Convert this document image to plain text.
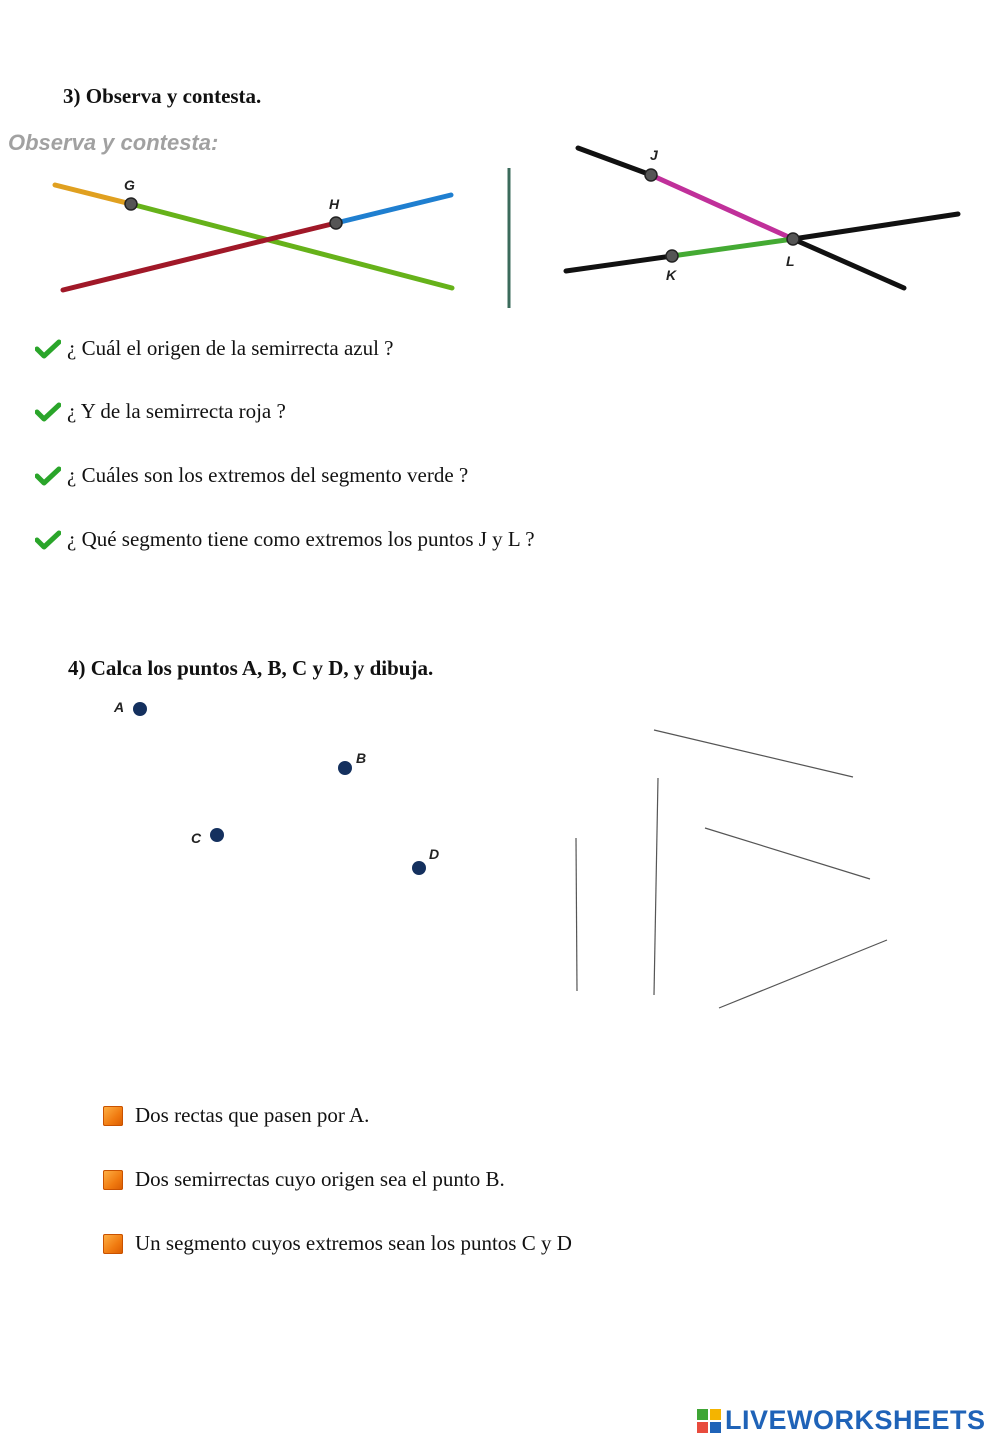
3) Observa y contesta.
Observa y contesta:
G
H
J
K
L
¿ Cuál el origen de la semirrecta azul ?
¿ Y de la semirrecta roja ?
¿ Cuáles son los extremos del segmento verde ?
¿ Qué segmento tiene como extremos los puntos J y L ?
4) Calca los puntos A, B, C y D, y dibuja.
A
B
C
D
Dos rectas que pasen por A.
Dos semirrectas cuyo origen sea el punto B.
Un segmento cuyos extremos sean los puntos C y D
LIVEWORKSHEETS
